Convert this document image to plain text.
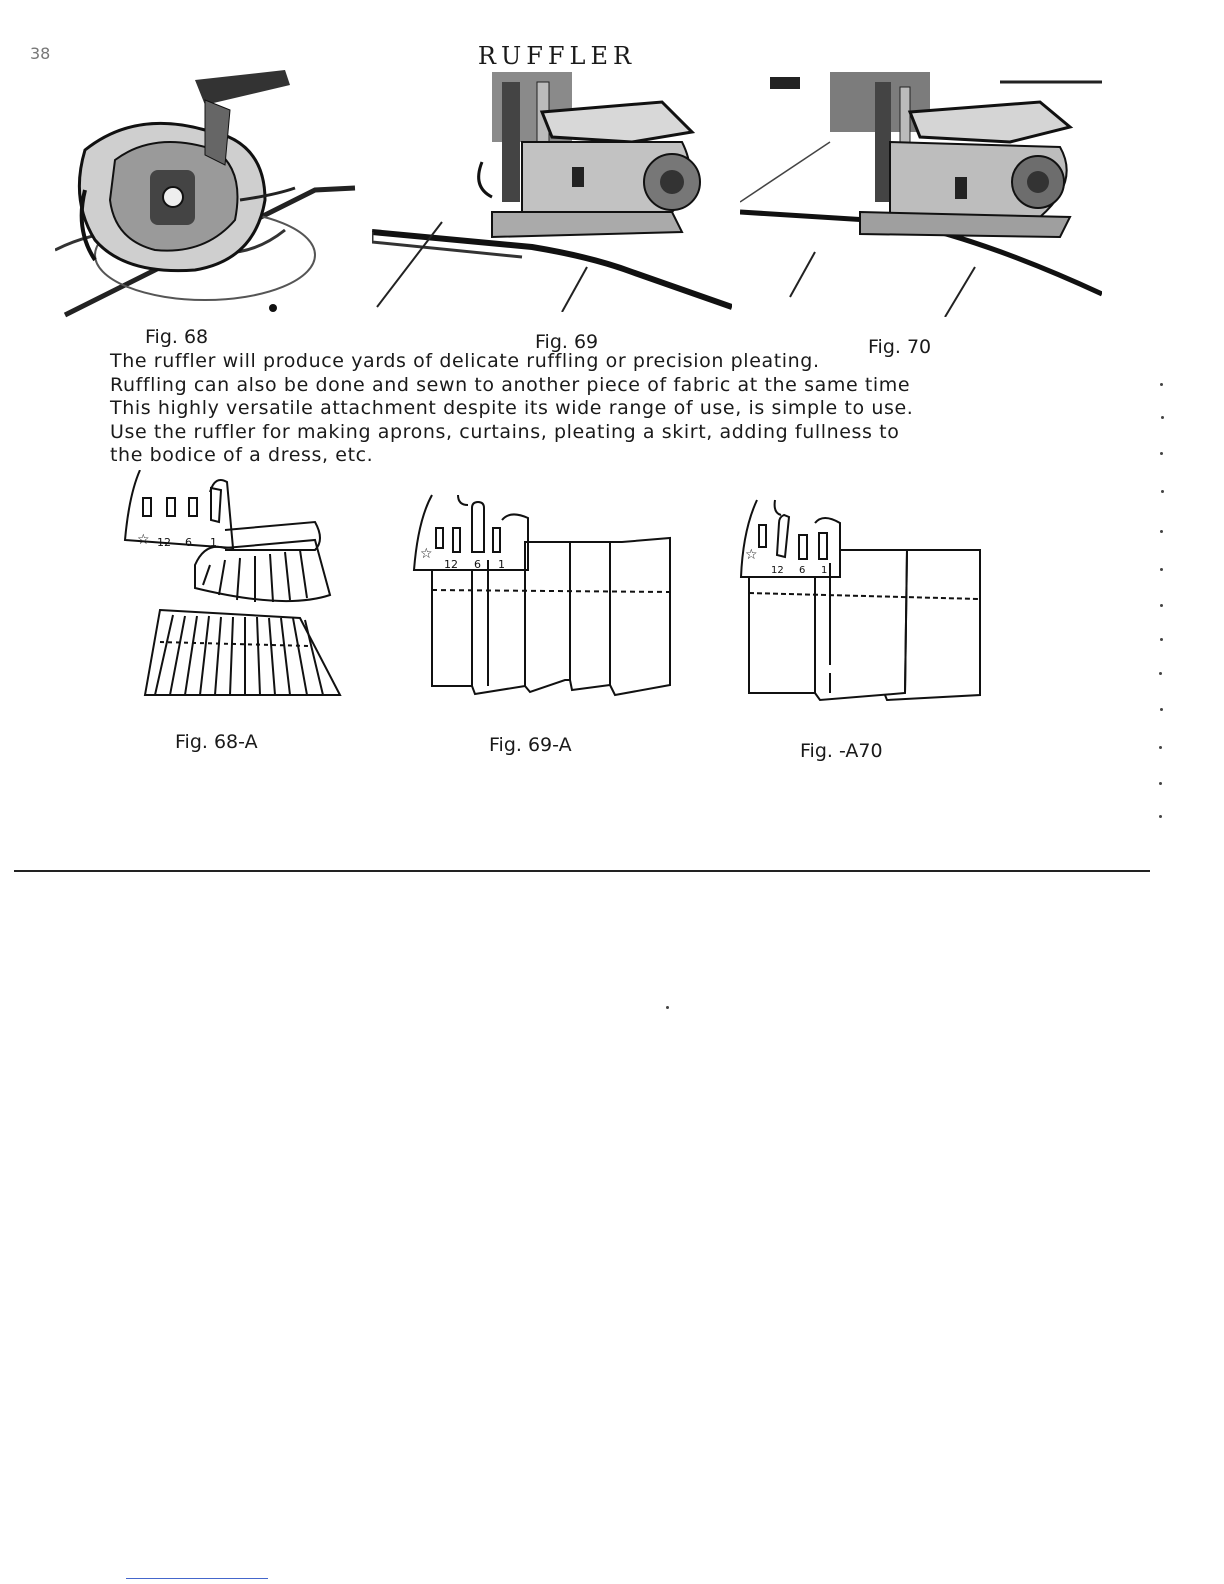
38	RUFFLER
Fig. 68	Fig. 69	Fig. 70
The ruffler will produce yards of delicate ruffling or precision pleating.
Ruffling can also be done and sewn to another piece of fabric at the same time
This highly versatile attachment despite its wide range of use, is simple to use.
Use the ruffler for making aprons, curtains, pleating a skirt, adding fullness to
the bodice of a dress, etc.
☆ 12 6 1
Fig. 68-A
☆
12 6 1
Fig. 69-A
☆
12 6 1
Fig. -A70
